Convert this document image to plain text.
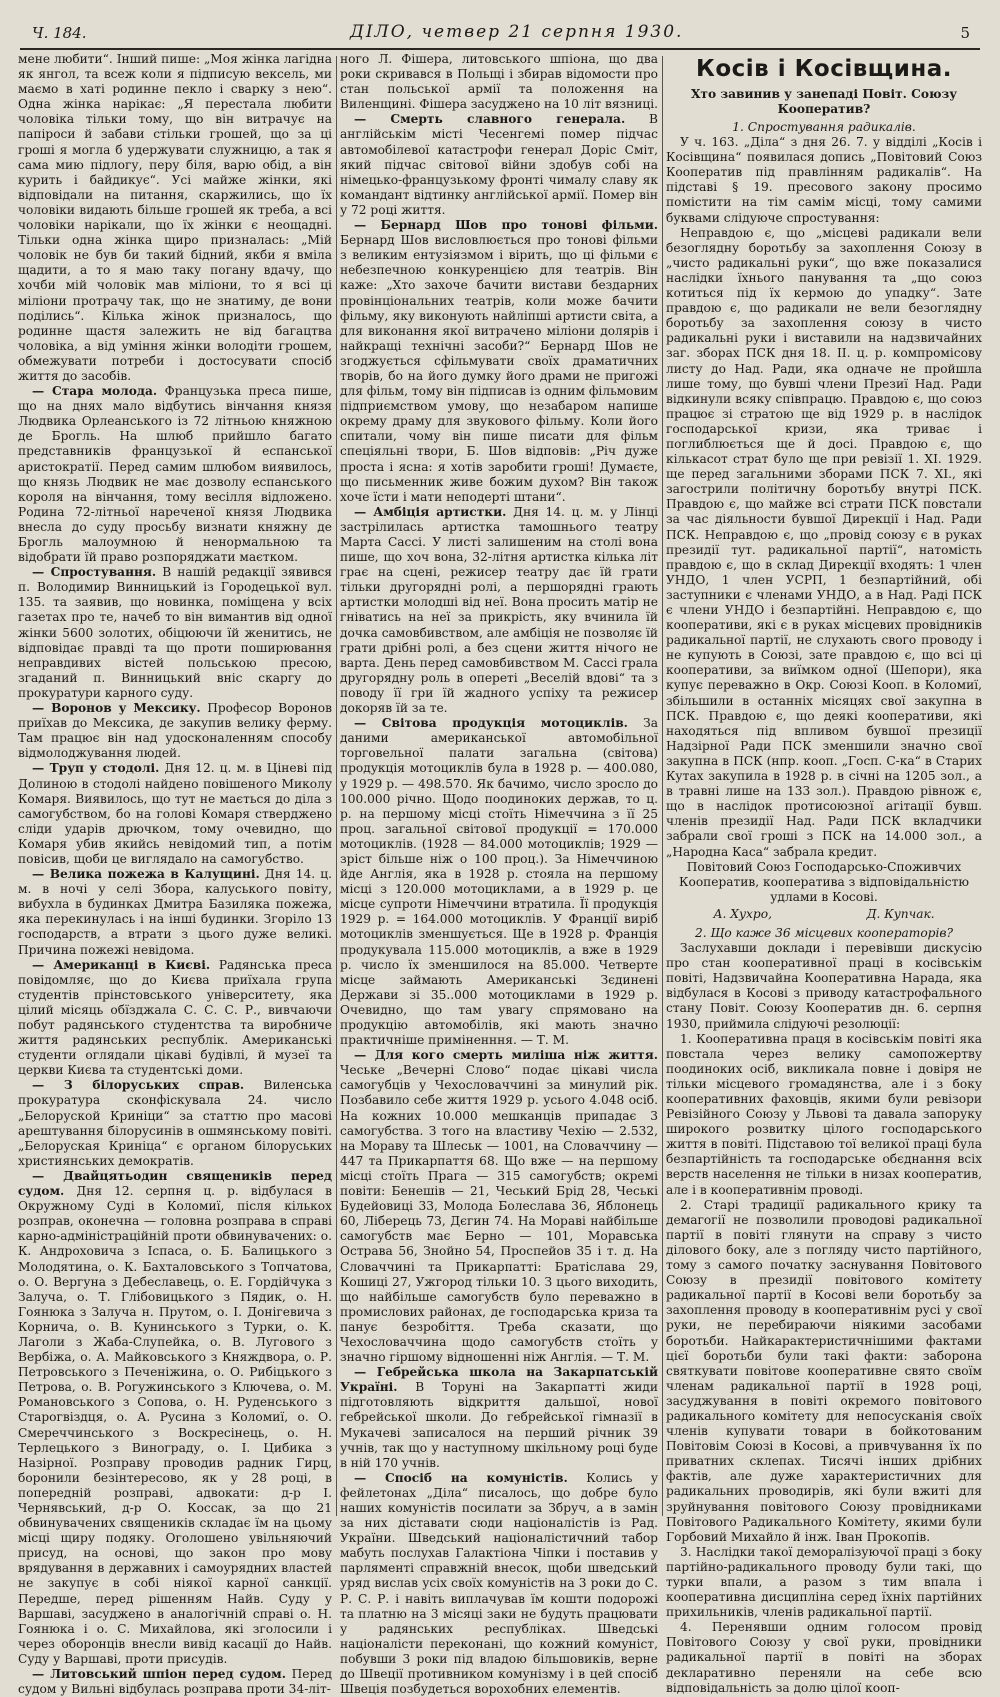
Ч. 184.	ДІЛО, четвер 21 серпня 1930.	5

мене любити“. Інший пише: „Моя жінка лагідна як янгол, та всеж коли я підписую вексель, ми маємо в хаті родинне пекло і сварку з нею“. Одна жінка нарікає: „Я перестала любити чоловіка тільки тому, що він витрачує на папіроси й забави стільки грошей, що за ці гроші я могла б удержувати служницю, а так я сама мию підлогу, перу біля, варю обід, а він курить і байдикує“. Усі майже жінки, які відповідали на питання, скаржились, що їх чоловіки видають більше грошей як треба, а всі чоловіки нарікали, що їх жінки є неощадні. Тільки одна жінка щиро призналась: „Мій чоловік не був би такий бідний, якби я вміла щадити, а то я маю таку погану вдачу, що хочби мій чоловік мав міліони, то я всі ці міліони протрачу так, що не знатиму, де вони поділись“. Кілька жінок призналось, що родинне щастя залежить не від багацтва чоловіка, а від уміння жінки володіти грошем, обмежувати потреби і достосувати спосіб життя до засобів.

— Стара молода. Французька преса пише, що на днях мало відбутись вінчання князя Людвика Орлеанського із 72 літньою княжною де Брогль. На шлюб прийшло багато представників французької й еспанської аристократії. Перед самим шлюбом виявилось, що князь Людвик не має дозволу еспанського короля на вінчання, тому весілля відложено. Родина 72-літньої нареченої князя Людвика внесла до суду просьбу визнати княжну де Брогль малоумною й ненормальною та відобрати їй право розпоряджати маєтком.

— Спростування. В нашій редакції зявився п. Володимир Винницький із Городецької вул. 135. та заявив, що новинка, поміщена у всіх газетах про те, начеб то він вимантив від одної жінки 5600 золотих, обіцюючи їй женитись, не відповідає правді та що проти поширювання неправдивих вістей польською пресою, згаданий п. Винницький вніс скаргу до прокуратури карного суду.

— Воронов у Мексику. Професор Воронов приїхав до Мексика, де закупив велику ферму. Там працює він над удосконаленням способу відмолоджування людей.

— Труп у стодолі. Дня 12. ц. м. в Ціневі під Долиною в стодолі найдено повішеного Миколу Комаря. Виявилось, що тут не мається до діла з самогубством, бо на голові Комаря стверджено сліди ударів дрючком, тому очевидно, що Комаря убив якийсь невідомий тип, а потім повісив, щоби це виглядало на самогубство.

— Велика пожежа в Калущині. Дня 14. ц. м. в ночі у селі Збора, калуського повіту, вибухла в будинках Дмитра Базиляка пожежа, яка перекинулась і на інші будинки. Згоріло 13 господарств, а втрати з цього дуже великі. Причина пожежі невідома.

— Американці в Києві. Радянська преса повідомляє, що до Києва приїхала група студентів прінстовського університету, яка цілий місяць обїзджала С. С. С. Р., вивчаючи побут радянського студентства та виробниче життя радянських республік. Американські студенти оглядали цікаві будівлі, й музеї та церкви Києва та студентські доми.

— З білоруських справ. Виленська прокуратура сконфіскувала 24. число „Белоруской Криніци“ за статтю про масові арештування білорусинів в ошмянському повіті. „Белоруская Криніца“ є органом білоруських християнських демократів.

— Двайцятьодин священиків перед судом. Дня 12. серпня ц. р. відбулася в Окружному Суді в Коломиї, після кількох розправ, оконечна — головна розправа в справі карно-адміністраційній проти обвинувачених: о. К. Андроховича з Іспаса, о. Б. Балицького з Молодятина, о. К. Бахталовського з Топчатова, о. О. Вергуна з Дебеславець, о. Е. Гордійчука з Залуча, о. Т. Глібовицького з Пядик, о. Н. Гоянюка з Залуча н. Прутом, о. І. Донігевича з Корнича, о. В. Кунинського з Турки, о. К. Лаголи з Жаба-Слупейка, о. В. Лугового з Вербіжа, о. А. Майковського з Княждвора, о. Р. Петровського з Печеніжина, о. О. Рибіцького з Петрова, о. В. Рогужинського з Ключева, о. М. Романовського з Сопова, о. Н. Руденського з Старогвіздця, о. А. Русина з Коломиї, о. О. Смереччинського з Воскресінець, о. Н. Терлецького з Винограду, о. І. Цибика з Назірної. Розправу проводив радник Гирц, боронили безінтересово, як у 28 році, в попередній розправі, адвокати: д-р І. Чернявський, д-р О. Коссак, за що 21 обвинувачених священиків складає їм на цьому місці щиру подяку. Оголошено увільняючий присуд, на основі, що закон про мову врядування в державних і самоурядних властей не закупує в собі ніякої карної санкції. Передше, перед рішенням Найв. Суду у Варшаві, засуджено в аналогічній справі о. Н. Гоянюка і о. С. Михайлова, які зголосили і через оборонців внесли вивід касації до Найв. Суду у Варшаві, проти присудів.

— Литовський шпіон перед судом. Перед судом у Вильні відбулась розправа проти 34-літ-

ного Л. Фішера, литовського шпіона, що два роки скривався в Польщі і збирав відомости про стан польської армії та положення на Виленщині. Фішера засуджено на 10 літ вязниці.

— Смерть славного генерала. В англійськім місті Чесенгемі помер підчас автомобілевої катастрофи генерал Доріс Сміт, який підчас світової війни здобув собі на німецько-французькому фронті чималу славу як командант відтинку англійської армії. Помер він у 72 році життя.

— Бернард Шов про тонові фільми. Бернард Шов висловлюється про тонові фільми з великим ентузіязмом і вірить, що ці фільми є небезпечною конкуренцією для театрів. Він каже: „Хто захоче бачити вистави бездарних провінціональних театрів, коли може бачити фільму, яку виконують найліпші артисти світа, а для виконання якої витрачено міліони долярів і найкращі технічні засоби?“ Бернард Шов не згоджується сфільмувати своїх драматичних творів, бо на його думку його драми не пригожі для фільм, тому він підписав із одним фільмовим підприємством умову, що незабаром напише окрему драму для звукового фільму. Коли його спитали, чому він пише писати для фільм спеціяльні твори, Б. Шов відповів: „Річ дуже проста і ясна: я хотів заробити гроші! Думаєте, що письменник живе божим духом? Він також хоче їсти і мати неподерті штани“.

— Амбіція артистки. Дня 14. ц. м. у Лінці застрілилась артистка тамошнього театру Марта Сассі. У листі залишеним на столі вона пише, що хоч вона, 32-літня артистка кілька літ грає на сцені, режисер театру дає їй грати тільки другорядні ролі, а першорядні грають артистки молодші від неї. Вона просить матір не гніватись на неї за прикрість, яку вчинила їй дочка самовбивством, але амбіція не позволяє їй грати дрібні ролі, а без сцени життя нічого не варта. День перед самовбивством М. Сассі грала другорядну роль в опереті „Веселій вдові“ та з поводу її гри їй жадного успіху та режисер докоряв їй за те.

— Світова продукція мотоциклів. За даними американської автомобільної торговельної палати загальна (світова) продукція мотоциклів була в 1928 р. — 400.080, у 1929 р. — 498.570. Як бачимо, число зросло до 100.000 річно. Щодо поодиноких держав, то ц. р. на першому місці стоїть Німеччина з її 25 проц. загальної світової продукції = 170.000 мотоциклів. (1928 — 84.000 мотоциклів; 1929 — зріст більше ніж о 100 проц.). За Німеччиною йде Англія, яка в 1928 р. стояла на першому місці з 120.000 мотоциклами, а в 1929 р. це місце супроти Німеччини втратила. Її продукція 1929 р. = 164.000 мотоциклів. У Франції виріб мотоциклів зменшується. Ще в 1928 р. Франція продукувала 115.000 мотоциклів, а вже в 1929 р. число їх зменшилося на 85.000. Четверте місце займають Американські Зєдинені Держави зі 35..000 мотоциклами в 1929 р. Очевидно, що там увагу спрямовано на продукцію автомобілів, які мають значно практичніше приміненння. — Т. М.

— Для кого смерть миліша ніж життя. Чеське „Вечерні Слово“ подає цікаві числа самогубців у Чехословаччині за минулий рік. Позбавило себе життя 1929 р. усього 4.048 осіб. На кожних 10.000 мешканців припадає 3 самогубства. З того на властиву Чехію — 2.532, на Мораву та Шлеськ — 1001, на Словаччину — 447 та Прикарпаття 68. Що вже — на першому місці стоїть Прага — 315 самогубств; окремі повіти: Бенешів — 21, Чеський Брід 28, Чеські Будейовиці 33, Молода Болеслава 36, Яблонець 60, Ліберець 73, Дєгин 74. На Мораві найбільше самогубств має Берно — 101, Моравська Острава 56, Знойно 54, Проспейов 35 і т. д. На Словаччині та Прикарпатті: Братіслава 29, Кошиці 27, Ужгород тільки 10. З цього виходить, що найбільше самогубств було переважно в промислових районах, де господарська криза та панує безробіття. Треба сказати, що Чехословаччина щодо самогубств стоїть у значно гіршому відношенні ніж Англія. — Т. М.

— Гебрейська школа на Закарпатській Україні. В Торуні на Закарпатті жиди підготовляють відкриття дальшої, нової гебрейської школи. До гебрейської гімназії в Мукачеві записалося на перший річник 39 учнів, так що у наступному шкільному році буде в ній 170 учнів.

— Спосіб на комуністів. Колись у фейлетонах „Діла“ писалось, що добре було наших комуністів посилати за Збруч, а в замін за них діставати сюди націоналістів із Рад. України. Шведський націоналістичний табор мабуть послухав Галактіона Чіпки і поставив у парляменті справжній внесок, щоби шведський уряд вислав усіх своїх комуністів на 3 роки до С. Р. С. Р. і навіть виплачував їм кошти подорожі та платню на 3 місяці заки не будуть працювати у радянських республіках. Шведські націоналісти переконані, що кожний комуніст, побувши 3 роки під владою більшовиків, верне до Швеції противником комунізму і в цей спосіб Швеція позбудеться ворохобних елементів.

Косів і Косівщина.
Хто завинив у занепаді Повіт. Союзу Кооператив?

1. Спростування радикалів.

У ч. 163. „Діла“ з дня 26. 7. у відділі „Косів і Косівщина“ появилася допись „Повітовий Союз Кооператив під правлінням радикалів“. На підставі § 19. пресового закону просимо помістити на тім самім місці, тому самими буквами слідуюче спростування:

Неправдою є, що „місцеві радикали вели безоглядну боротьбу за захоплення Союзу в „чисто радикальні руки“, що вже показалися наслідки їхнього панування та „що союз котиться під їх кермою до упадку“. Зате правдою є, що радикали не вели безоглядну боротьбу за захоплення союзу в чисто радикальні руки і виставили на надзвичайних заг. зборах ПСК дня 18. ІІ. ц. р. компромісову листу до Над. Ради, яка одначе не пройшла лише тому, що бувші члени Презиї Над. Ради відкинули всяку співпрацю. Правдою є, що союз працює зі стратою ще від 1929 р. в наслідок господарської кризи, яка триває і поглиблюється ще й досі. Правдою є, що кількасот страт було ще при ревізії 1. XI. 1929. ще перед загальними зборами ПСК 7. XI., які загострили політичну боротьбу внутрі ПСК. Правдою є, що майже всі страти ПСК повстали за час діяльности бувшої Дирекції і Над. Ради ПСК. Неправдою є, що „провід союзу є в руках президії тут. радикальної партії“, натомість правдою є, що в склад Дирекції входять: 1 член УНДО, 1 член УСРП, 1 безпартійний, обі заступники є членами УНДО, а в Над. Раді ПСК є члени УНДО і безпартійні. Неправдою є, що кооперативи, які є в руках місцевих провідників радикальної партії, не слухають свого проводу і не купують в Союзі, зате правдою є, що всі ці кооперативи, за виїмком одної (Шепори), яка купує переважно в Окр. Союзі Кооп. в Коломиї, збільшили в останніх місяцях свої закупна в ПСК. Правдою є, що деякі кооперативи, які находяться під впливом бувшої презиції Надзірної Ради ПСК зменшили значно свої закупна в ПСК (нпр. кооп. „Госп. С-ка“ в Старих Кутах закупила в 1928 р. в січні на 1205 зол., а в травні лише на 133 зол.). Правдою рівнож є, що в наслідок протисоюзної агітації бувш. членів президії Над. Ради ПСК вкладчики забрали свої гроші з ПСК на 14.000 зол., а „Народна Каса“ забрала кредит.

Повітовий Союз Господарсько-Споживчих Кооператив, кооператива з відповідальністю удлами в Косові.

А. Хухро,	Д. Купчак.

2. Що каже 36 місцевих кооператорів?

Заслухавши доклади і перевівши дискусію про стан кооперативної праці в косівськім повіті, Надзвичайна Кооперативна Нарада, яка відбулася в Косові з приводу катастрофального стану Повіт. Союзу Кооператив дн. 6. серпня 1930, приймила слідуючі резолюції:

1. Кооперативна праця в косівськім повіті яка повстала через велику самопожертву поодиноких осіб, викликала повне і довіря не тільки місцевого громадянства, але і з боку кооперативних фаховців, якими були ревізори Ревізійного Союзу у Львові та давала запоруку широкого розвитку цілого господарського життя в повіті. Підставою тої великої праці була безпартійність та господарське обєднання всіх верств населення не тільки в низах кооператив, але і в кооперативнім проводі.

2. Старі традиції радикального крику та демагогії не позволили проводові радикальної партії в повіті глянути на справу з чисто ділового боку, але з погляду чисто партійного, тому з самого початку заснування Повітового Союзу в президії повітового комітету радикальної партії в Косові вели боротьбу за захоплення проводу в кооперативнім русі у свої руки, не перебираючи ніякими засобами боротьби. Найкарактеристичнішими фактами цієї боротьби були такі факти: заборона святкувати повітове кооперативне свято своїм членам радикальної партії в 1928 році, засуджування в повіті окремого повітового радикального комітету для непосусканія своїх членів купувати товари в бойкотованим Повітовім Союзі в Косові, а привчування їх по приватних склепах. Тисячі інших дрібних фактів, але дуже характеристичних для радикальних проводирів, які були вжиті для зруйнування повітового Союзу провідниками Повітового Радикального Комітету, якими були Горбовий Михайло й інж. Іван Прокопів.

3. Наслідки такої деморалізуючої праці з боку партійно-радикального проводу були такі, що турки впали, а разом з тим впала і кооперативна дисципліна серед їхніх партійних прихильників, членів радикальної партії.

4. Перенявши одним голосом провід Повітового Союзу у свої руки, провідники радикальної партії в повіті на зборах декларативно переняли на себе всю відповідальність за долю цілої кооп-
